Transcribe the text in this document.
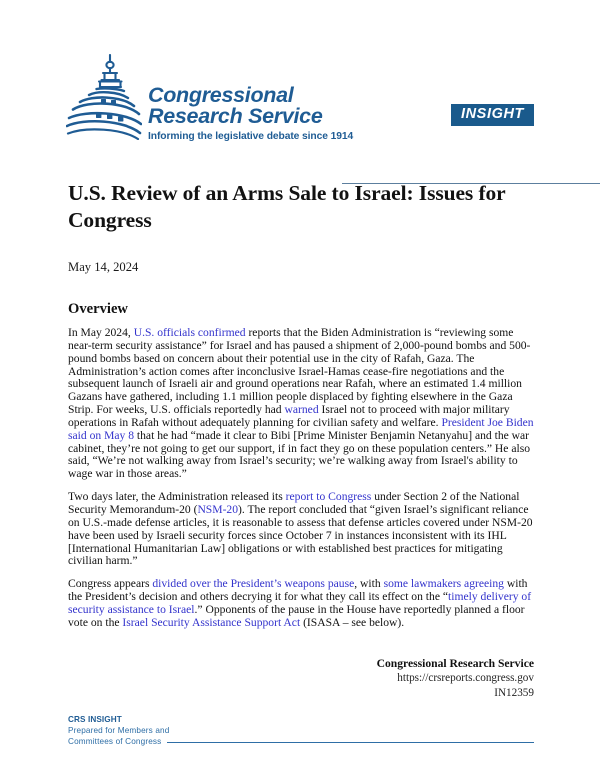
Congressional
Research Service
Informing the legislative debate since 1914
INSIGHT
U.S. Review of an Arms Sale to Israel: Issues for Congress
May 14, 2024
Overview

In May 2024, U.S. officials confirmed reports that the Biden Administration is “reviewing some near-term security assistance” for Israel and has paused a shipment of 2,000-pound bombs and 500-pound bombs based on concern about their potential use in the city of Rafah, Gaza. The Administration’s action comes after inconclusive Israel-Hamas cease-fire negotiations and the subsequent launch of Israeli air and ground operations near Rafah, where an estimated 1.4 million Gazans have gathered, including 1.1 million people displaced by fighting elsewhere in the Gaza Strip. For weeks, U.S. officials reportedly had warned Israel not to proceed with major military operations in Rafah without adequately planning for civilian safety and welfare. President Joe Biden said on May 8 that he had “made it clear to Bibi [Prime Minister Benjamin Netanyahu] and the war cabinet, they’re not going to get our support, if in fact they go on these population centers.” He also said, “We’re not walking away from Israel’s security; we’re walking away from Israel's ability to wage war in those areas.”

Two days later, the Administration released its report to Congress under Section 2 of the National Security Memorandum-20 (NSM-20). The report concluded that “given Israel’s significant reliance on U.S.-made defense articles, it is reasonable to assess that defense articles covered under NSM-20 have been used by Israeli security forces since October 7 in instances inconsistent with its IHL [International Humanitarian Law] obligations or with established best practices for mitigating civilian harm.”

Congress appears divided over the President’s weapons pause, with some lawmakers agreeing with the President’s decision and others decrying it for what they call its effect on the “timely delivery of security assistance to Israel.” Opponents of the pause in the House have reportedly planned a floor vote on the Israel Security Assistance Support Act (ISASA – see below).

Congressional Research Service
https://crsreports.congress.gov
IN12359
CRS INSIGHT
Prepared for Members and
Committees of Congress
